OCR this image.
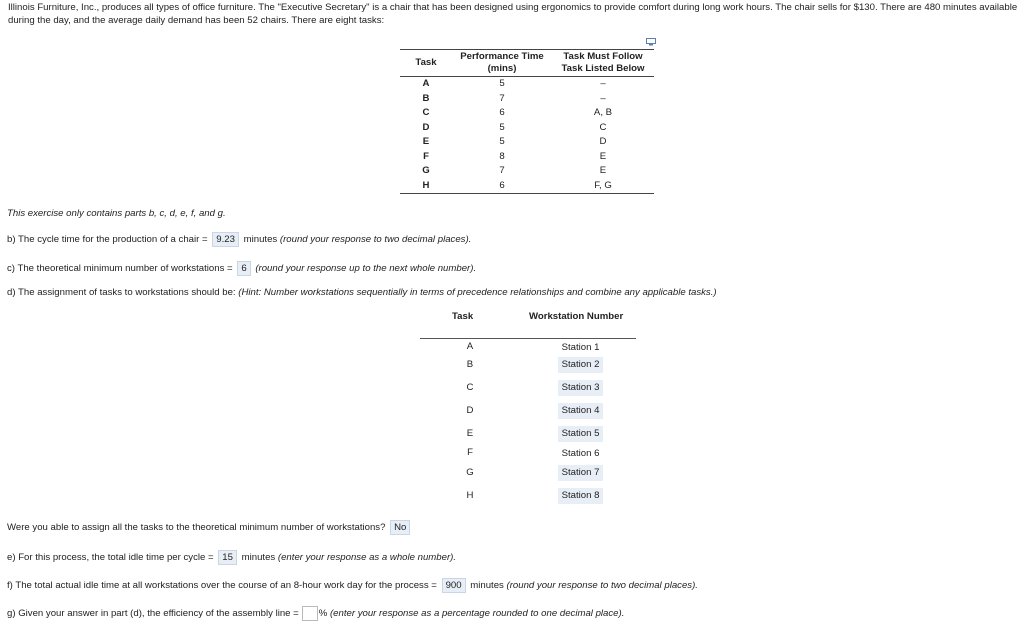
Illinois Furniture, Inc., produces all types of office furniture. The "Executive Secretary" is a chair that has been designed using ergonomics to provide comfort during long work hours. The chair sells for $130. There are 480 minutes available during the day, and the average daily demand has been 52 chairs. There are eight tasks:
Task	Performance Time (mins)	Task Must Follow Task Listed Below
A	5	–
B	7	–
C	6	A, B
D	5	C
E	5	D
F	8	E
G	7	E
H	6	F, G
This exercise only contains parts b, c, d, e, f, and g.
b) The cycle time for the production of a chair = 9.23 minutes (round your response to two decimal places).
c) The theoretical minimum number of workstations = 6 (round your response up to the next whole number).
d) The assignment of tasks to workstations should be: (Hint: Number workstations sequentially in terms of precedence relationships and combine any applicable tasks.)
Task	Workstation Number
A	Station 1
B	Station 2
C	Station 3
D	Station 4
E	Station 5
F	Station 6
G	Station 7
H	Station 8
Were you able to assign all the tasks to the theoretical minimum number of workstations? No
e) For this process, the total idle time per cycle = 15 minutes (enter your response as a whole number).
f) The total actual idle time at all workstations over the course of an 8-hour work day for the process = 900 minutes (round your response to two decimal places).
g) Given your answer in part (d), the efficiency of the assembly line = % (enter your response as a percentage rounded to one decimal place).
